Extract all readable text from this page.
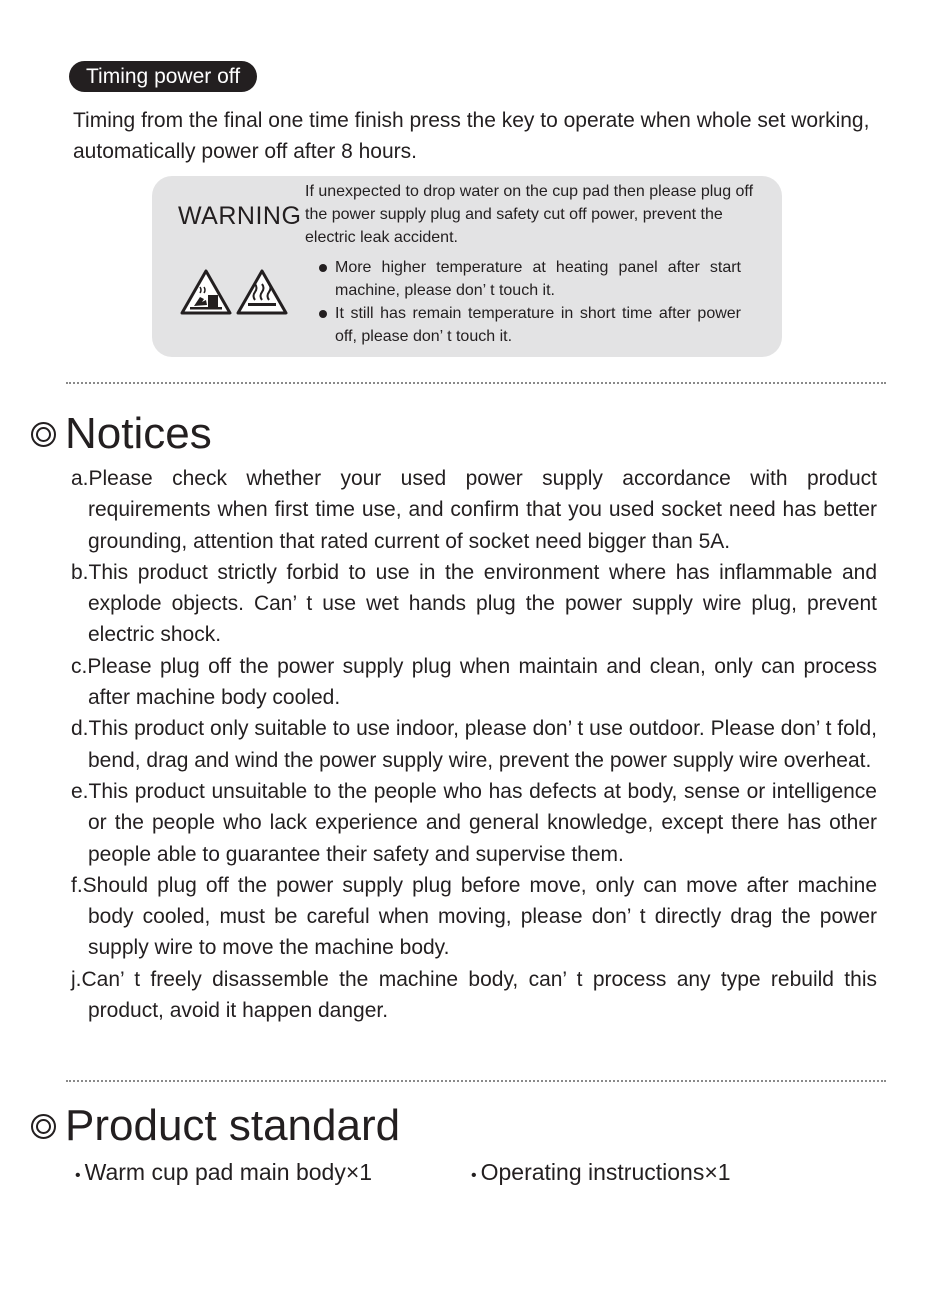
Timing power off
Timing from the final one time finish press the key to operate when whole set working, automatically power off after 8 hours.
WARNING
If unexpected to drop water on the cup pad then please plug off the power supply plug and safety cut off power, prevent the electric leak accident.
More higher temperature at heating panel after start machine, please don’ t touch it.
It still has remain temperature in short time after power off, please don’ t touch it.
Notices
a.Please check whether your used power supply accordance with product requirements when first time use, and confirm that you used socket need has better grounding, attention that rated current of socket need bigger than 5A.
b.This product strictly forbid to use in the environment where has inflammable and explode objects. Can’ t use wet hands plug the power supply wire plug, prevent electric shock.
c.Please plug off the power supply plug when maintain and clean, only can process after machine body cooled.
d.This product only suitable to use indoor, please don’ t use outdoor. Please don’ t fold, bend, drag and wind the power supply wire, prevent the power supply wire overheat.
e.This product unsuitable to the people who has defects at body, sense or intelligence or the people who lack experience and general knowledge, except there has other people able to guarantee their safety and supervise them.
f.Should plug off the power supply plug before move, only can move after machine body cooled, must be careful when moving, please don’ t directly drag the power supply wire to move the machine body.
j.Can’ t freely disassemble the machine body, can’ t process any type rebuild this product, avoid it happen danger.
Product standard
• Warm cup pad main body×1	• Operating instructions×1
